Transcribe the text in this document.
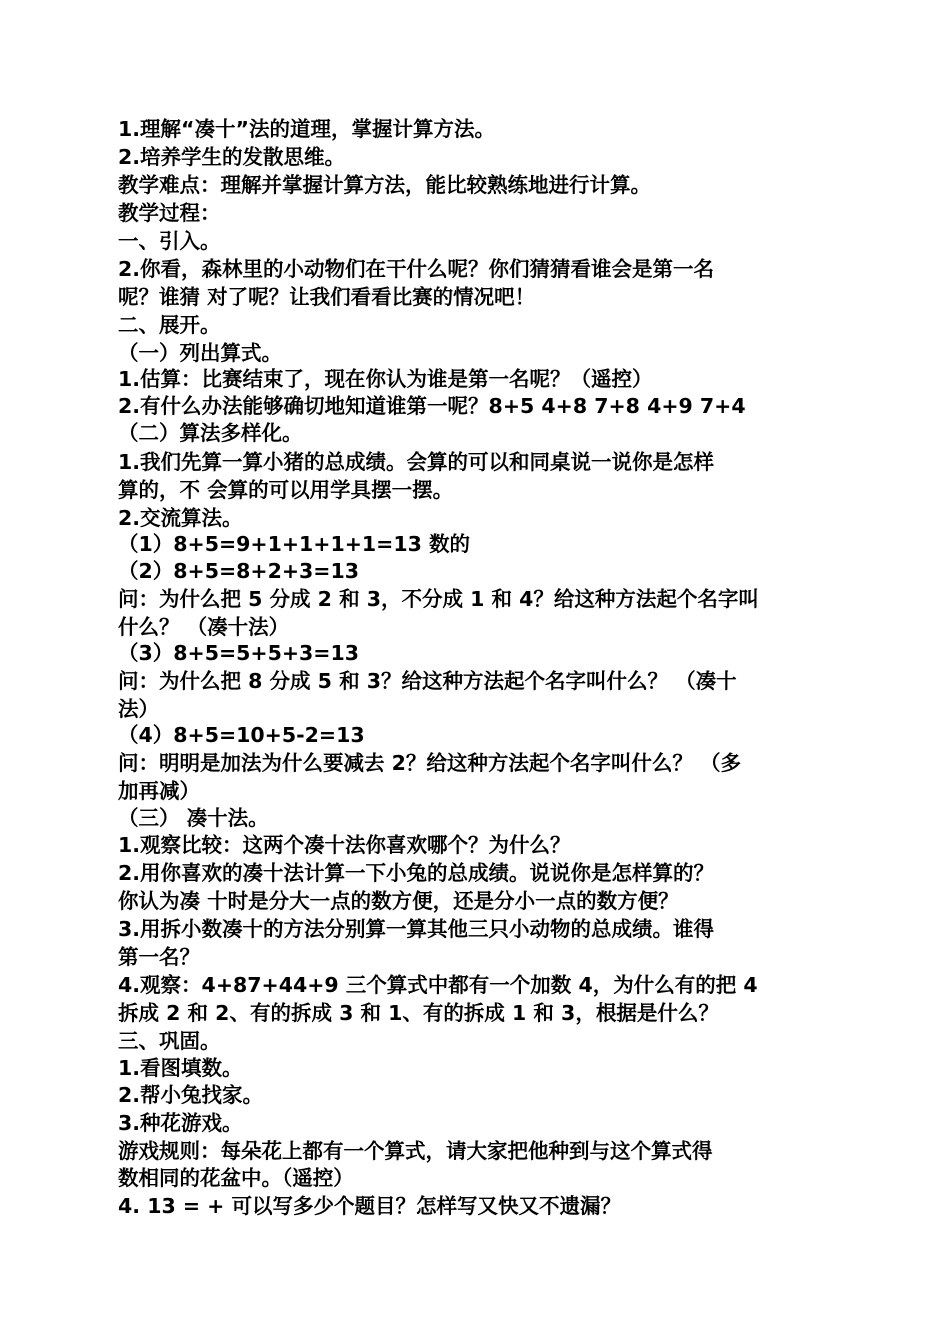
1.理解“凑十”法的道理，掌握计算方法。
2.培养学生的发散思维。
教学难点：理解并掌握计算方法，能比较熟练地进行计算。
教学过程：
一、引入。
2.你看，森林里的小动物们在干什么呢？你们猜猜看谁会是第一名
呢？谁猜 对了呢？让我们看看比赛的情况吧！
二、展开。
（一）列出算式。
1.估算：比赛结束了，现在你认为谁是第一名呢？（遥控）
2.有什么办法能够确切地知道谁第一呢？8+5 4+8 7+8 4+9 7+4
（二）算法多样化。
1.我们先算一算小猪的总成绩。会算的可以和同桌说一说你是怎样
算的，不 会算的可以用学具摆一摆。
2.交流算法。
（1）8+5=9+1+1+1+1=13 数的
（2）8+5=8+2+3=13
问：为什么把 5 分成 2 和 3，不分成 1 和 4？给这种方法起个名字叫
什么？ （凑十法）
（3）8+5=5+5+3=13
问：为什么把 8 分成 5 和 3？给这种方法起个名字叫什么？ （凑十
法）
（4）8+5=10+5-2=13
问：明明是加法为什么要减去 2？给这种方法起个名字叫什么？ （多
加再减）
（三） 凑十法。
1.观察比较：这两个凑十法你喜欢哪个？为什么？
2.用你喜欢的凑十法计算一下小兔的总成绩。说说你是怎样算的？
你认为凑 十时是分大一点的数方便，还是分小一点的数方便？
3.用拆小数凑十的方法分别算一算其他三只小动物的总成绩。谁得
第一名？
4.观察：4+87+44+9 三个算式中都有一个加数 4，为什么有的把 4
拆成 2 和 2、有的拆成 3 和 1、有的拆成 1 和 3，根据是什么？
三、巩固。
1.看图填数。
2.帮小兔找家。
3.种花游戏。
游戏规则：每朵花上都有一个算式，请大家把他种到与这个算式得
数相同的花盆中。（遥控）
4. 13 = + 可以写多少个题目？怎样写又快又不遗漏？
